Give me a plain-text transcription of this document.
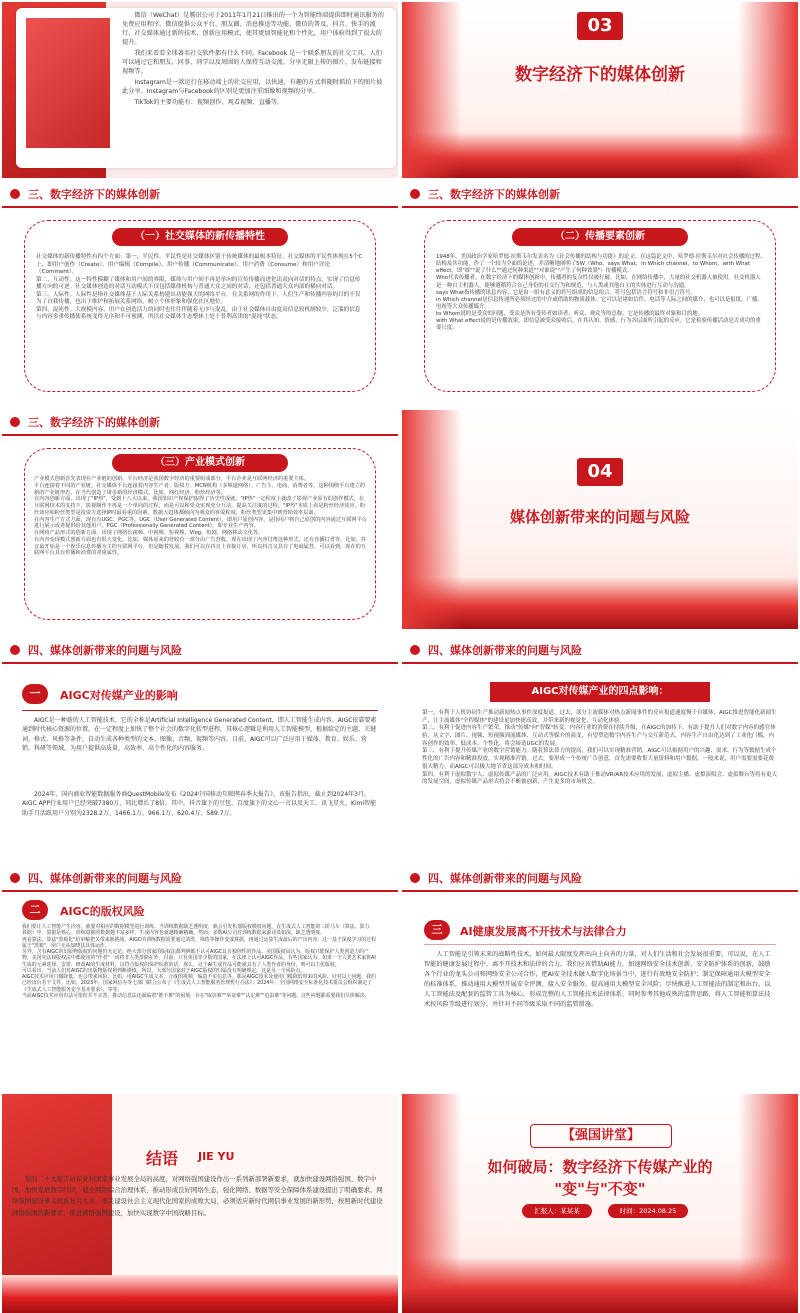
微信（WeChat）是腾讯公司于2011年1月21日推出的一个为智能终端提供即时通讯服务的免费应用程序。微信提供公众平台、朋友圈、消息推送等功能。微信的普及，抖音、快手的流行，社交媒体通过新的技术，创新应用模式，使其更加智能化和个性化，用户体验得到了很大的提升。

我们来看看全球著名社交软件都有什么不同。Facebook 是一个联系朋友的社交工具。人们可以通过它和朋友、同事、同学以及周围的人保持互动交流，分享无限上传的图片，发布链接和视频等。

Instagram是一款运行在移动端上的社交应用，以快速、有趣的方式将随时抓拍下的图片彼此分享。Instagram与Facebook的区别是更加注重图像和视频的分享。

TikTok的主要功能有：视频创作、观看视频、直播等。

03
数字经济下的媒体创新
三、数字经济下的媒体创新
（一）社交媒体的新传播特性
社交媒体的新传播特性有四个方面：第一，平民性。平民性是社交媒体区别于传统媒体的最根本特征。社交媒体的平民性体现在5个C上，即用户创作（Create）、用户编辑（Compile）、用户传播（Communicate）、用户消费（Consume）和用户评论（Comment）。
第二，互动性。这一特性模糊了媒体和用户间的界限，媒体与用户间不再是单向的宣传传播而进化出双向对话的特点，实现了信息传播方向的可逆。社交媒体创造的对话互动模式不仅包括媒体机构与普通大众之间的对话，还包括普通大众内部的横向对话。
第三，人际性。人际性是指社交媒体基于人际关系构建出功能强大的网络平台。在关系网的作用下，人们生产和传播内容的目的不仅为了自我传播，也出于维护和拓展关系网络，树立个体形象和强化社区地位。
第四，混沌性。大规模内容、用户在创造活力的同时也往往伴随着无序与混乱。由于社会媒体自由度高信息较机制较少，泛滥的信息与内容多重传播使系统变得无序和不可预测，所以社交媒体生态整体上处于普利高津的"混沌"状态。
三、数字经济下的媒体创新
（二）传播要素创新
1948年，美国政治学家哈罗德·拉斯韦尔发表名为《社会传播的结构与功能》的论文。在这篇论文中，哈罗德·拉斯韦尔对社会传播的过程、结构及其功能，作了一个较为全面的论述，并清晰地阐明了5W（Who，says What，in Which channel，to Whom，with What effect，即"谁""说了什么""通过何种渠道""对谁说""产生了何种效果"）传播模式。
Who代表传播者。在数字经济下的媒体创新中，传播者的复杂性仅被打破。比如，在网络传播中，大量的社交机器人被使用。社交机器人是一种自主机器人，能够遵循符合自己身份的社交行为和规范，与人类或其他自主的实体进行互动与沟通。
says What指传播的讯息内容，它是由一组有意义的符号组成的信息组合。符号包括语言符号和非语言符号。
in Which channel是信息传递所必须经过的中介或借助的物质载体。它可以是诸如信件、电话等人际之间的媒介，也可以是报纸、广播、电视等大众传播媒介。
to Whom说的是受众的问题，受众是所有受传者如读者、听众、观众等的总称，它是传播的最终对象和目的地。
with What effect说的是传播效果，即信息被受众接收后，在其认知、情感、行为各层面所引起的反应。它是检验传播活动是否成功的重要尺度。
三、数字经济下的媒体创新
（三）产业模式创新
产业模式创新首先表现在产业链的创新。平台经济是我国数字经济的重要组成部分，平台企业是互联网经济的重要主体。
平台连接着不同的产业链。社交媒体平台连接着内容生产者、版权方、MCN机构（多频道网络）、广告主、电商、消费者等。这种围绕平台建立的新的产业链形态，在当代创造了诸多新的经济模式。比如，网红经济、粉丝经济等。
在内容创新方面，出现了"IP热"，受到十八大以来，我国知识产权保护取得了历史性成就。"IP热"一定程度上就改了影视产业原有的创作模式，在互联网技术的支持下，影视制作不再是一个单向的过程，而是可以和受众实现充分互动，提高关注度的过程。"IP热"本质上看是粉丝经济效应。粉丝效应和粉丝类型是投资方选择IP时最看重的因素，数据大趋体都倾向为观众的喜爱程度，粉丝类型更集中到营销效率层面。
在内容生产方式方面，现有有UGC、PGC等。UGC（User Generated Content），即用户原创内容，是指用户将自己原创的内容通过互联网平台进行展示或者提供给其他用户。PGC（Professionally Generated Content），即专业生产内容。
在网络产品形式的创新方面，出现了网络长视频、中视频、短视频、Vlog、短剧、网络移动文化等。
在内容变现模式创新方面也有很大变化。比如，媒体原来的营收有一部分由广告营收，现在出现了内容付费这种形式，还有直播打赏等。比如，抖音最开始是一个娱乐信息传播为主的互联网平台，但是随着发展，我们可以在抖音上直接订房，所以抖音又具有了电商属性，可以看到，现在的互联网平台具有传播和消费的双重属性。
04
媒体创新带来的问题与风险
四、媒体创新带来的问题与风险
一	AIGC对传媒产业的影响

AIGC是一种新的人工智能技术，它的全称是Artificial Intelligence Generated Content，即人工智能生成内容。AIGC依靠要素通到时代核心资源的位置，在一定程度上加快了整个社会的数字化转型进程，其核心逻辑是利用人工智能模型，根据给定的主题、关键词、格式、风格等条件，自动生成各种类型的文本、图像、音频、视频等内容。目前，AIGC可以广泛应用于媒体、教育、娱乐、营销、科研等领域，为用户提供高质量、高效率、高个性化的内容服务。

2024年，国内商业智能数据服务商QuestMobile发布《2024中国移动互联网春季大报告》。该报告指出，截止到2024年3月，AIGC APP行业用户已经突破7380万，同比增长了8倍。其中，抖音旗下的豆包、百度旗下的文心一言以及天工、讯飞星火、Kimi智能助手月活跃用户分别为2328.2万、1466.1万、966.1万、620.4万、589.7万。

四、媒体创新带来的问题与风险
AIGC对传媒产业的四点影响：
第一，有利于人机协同生产推动新闻热点事件深度报道。过去，部分主流媒体对热点新闻事件的反应报道速度慢于自媒体，AIGC推进智能化新闻生产，让主流媒体"全程媒体"的建设更加快捷高效，并带来新的视觉化、互动化体验。
第二，有利于促进内容生产繁荣，推动"传媒"向"智媒"转变。内容行业的消费在持续升级，在AIGC的加持下，有助于提升人们对数字内容的感官体验，从文字、图片、视频、短视频到流媒体、互动式等媒介的演变，有望塑造数字内容生产与交互新范式，内容生产自由化达到了工业化门槛，内容创作的效率、低成本、个性化，将会缔造UGC的发展。
第三，有利于提升传媒产业的数字营销能力。随着算法算力的提高，我们可以实现精准营销。AIGC可以根据用户的兴趣、需求、行为等数据生成个性化的广告内容和精准投放，实现精准营销。过去，要形成一个传统广告创意，首先需要收集大量资料和用户数据，一般来说，用户需要需要花费很大精力。而AIGC可以极大地节省这部分成本和时间。
第四，有利于虚拟数字人、虚拟传媒产品的广泛应用。AIGC技术有助于推动VR/AR技术应用的发展，虚拟主播、虚拟演唱会、虚拟舞台等将有更大的发展空间，虚拟传媒产品形式将会不断被创新，产生更多的市场机会。
四、媒体创新带来的问题与风险
二	AIGC的版权风险
我们要让人工智能产生内容，就要对相应的数据模型进行训练。当训练数据缺乏透明度，就会引发机器版权模权问题。在生成式人工智能的三阶马车（算法、算力、算据）中，算据是核心。训练算据的数据越丰富多样，生成内容也就越精确精确。然而，多数AI公司对训练数据来源讳莫如深，缺乏透明度。
再看算法。算法"黑箱化"给审稿把关带来新挑战。AIGC的训练数据需要通过清洗、筛选等操作变成算据，再通过运算生成最后的产出内容。这一基于深度学习的过程属于"黑箱"，用户无从知晓其具体运作。
另外，含有AIGC的出版物版权的问题仍无定论。绝大部分国家的版权法都判例都不认可AIGC具有独创性的作品。美国版权局认为，版权只能保护人类创造力的产物，美国宪法和版权法中都使用的"作者"一词将非人类排除在外。目前，只有英国等少数的国家，在法律上认可AIGC作品。有些国家认为，如果一个人类艺术家将AI生成的元素选择、安排、修改AI的生成材料，以符合版权的保护标准的话，那么，这个AI生成作品可能就具有了人类作者的身份，则可以主张版权。
可以看出，当前人们对AIGC的出版物版权利判断谨慎，所以，大部分国家对于AIGC版权的归属没有明确规定。这是另一个风险点。
AIGC技术应用门槛降低，也会带来风险。比如，用AIGC生成文本，合成图视频，编造不实信息等，都是AIGC技术及使用门槛降低带来的风险。针对以上问题，我们已经出台若干文件。比如，2023年，国家网信办等七部门联合公布了《生成式人工智能服务管理暂行办法》；2024年，全国网络安全标准化技术委员会组织制定了《生成式人工智能服务安全基本要求》，等等。
当前AIGC技术应用有法可依但并不完善，推动信息法还面临着"推不推"的困境，存在"取证难""举证难""认定难""追责难"等问题。这些问题都需要我们尽快解决。
四、媒体创新带来的问题与风险
三	AI健康发展离不开技术与法律合力

人工智能是引领未来的战略性技术，如何最大限度发挥出向上向善的力量，对人们生活和社会发展很重要。可以说，在人工智能的健康发展过程中，离不开技术和法律的合力。我们应该借助AI能力，加速网络安全技术创新、安全防护体系的创新，鼓励各个行业的龙头公司和网络安全公司合作，把AI安全技术融入数字化场景当中，进行有效地安全防护；制定保障通用大模型安全的标准体系，推动通用大模型开展安全评测、接入安全服务，提高通用大模型安全风险；尽快推进人工智能法的制定和出台，以人工智能法及配套的监管工具为核心，形成完整的人工智能技术法律体系，同时参考其他成熟的监管思路，将人工智能和算法技术按风险等级进行划分，并针对不同等级采取不同的监管措施。

结语 JIE YU

党的二十大报告站在党和国家事业发展全局的高度，对网络强国建设作出一系列新部署新要求，就加快建设网络强国、数字中国，加快发展数字经济，健全网络综合治理体系，推动形成良好网络生态，强化网络、数据等安全保障体系建设提出了明确要求。网络强国建设事关民族复兴大业，事关建设社会主义现代化国家的成败大局，必须适应新时代网信事业发展的新形势，按照新时代建设网络强国的新要求，推进网络强国建设，加快实现数字中国战略目标。

【强国讲堂】
如何破局：数字经济下传媒产业的
"变"与"不变"
汇报人：某某某	时间：2024.08.25
